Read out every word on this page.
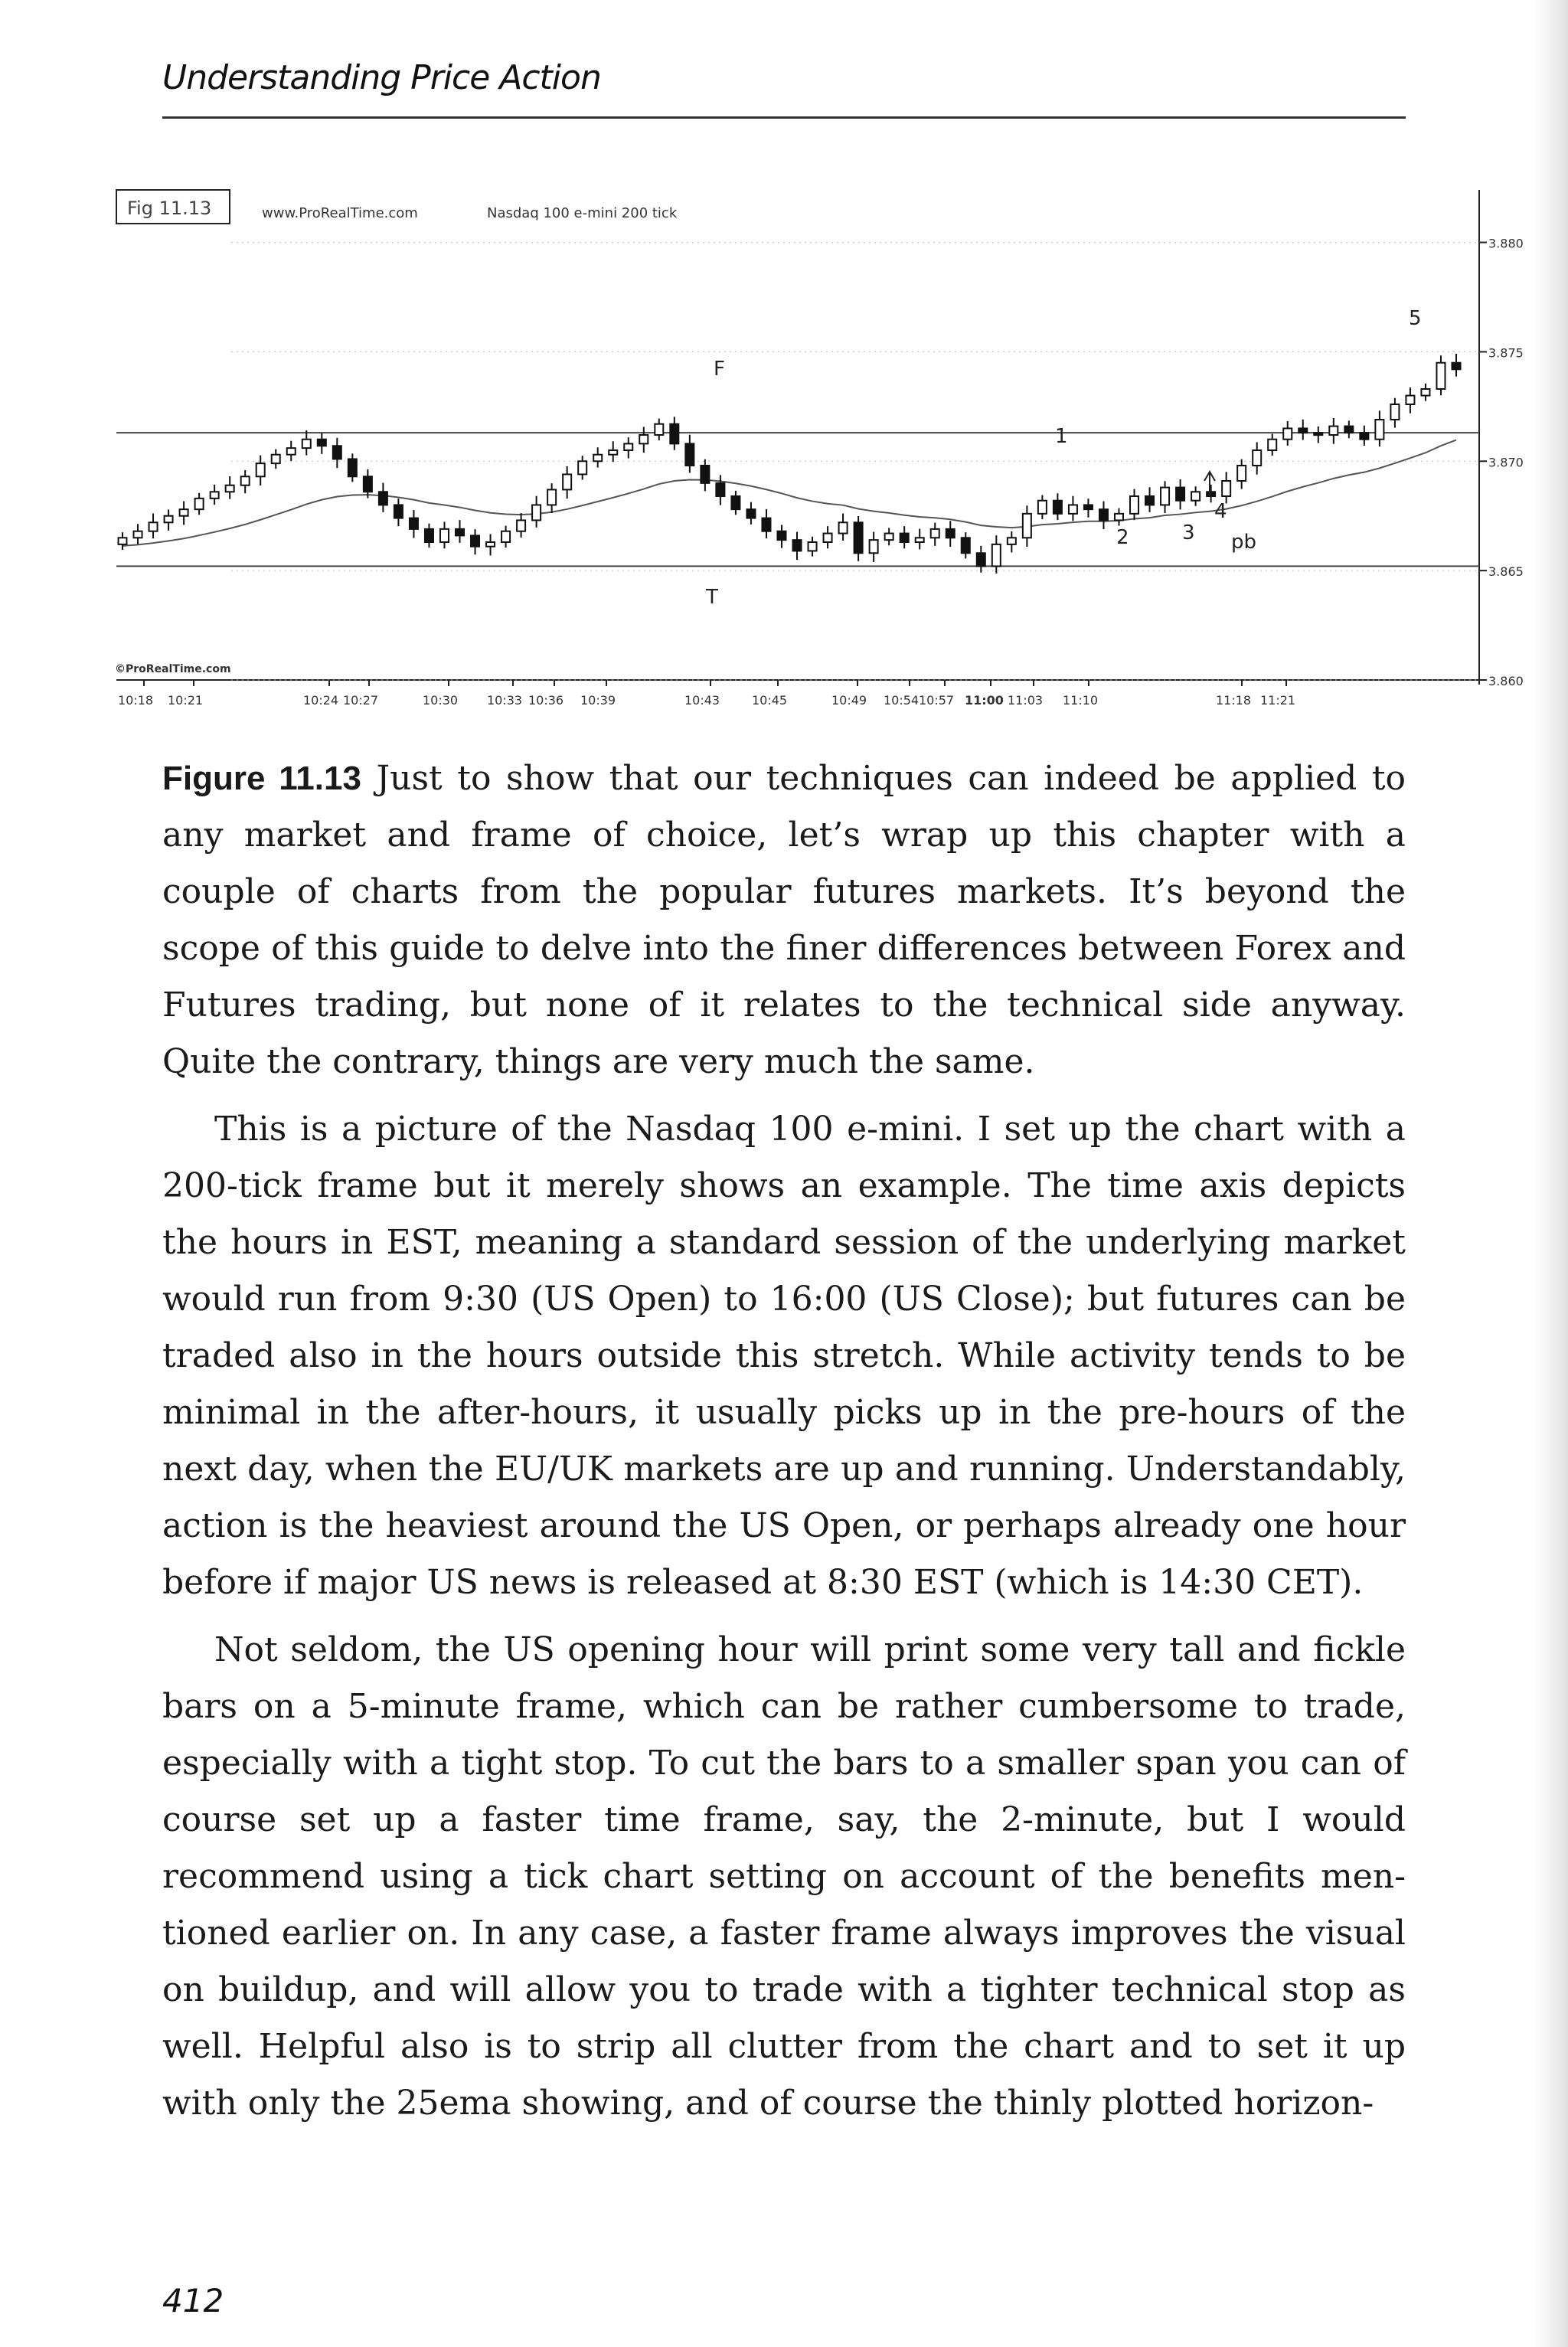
Understanding Price Action
F
T
1
2	3
4
5
pb
3.880
3.875
3.870
3.865
3.860
10:18 10:21	10:24 10:27	10:30 10:33 10:36 10:39	10:43	10:45	10:49 10:54 10:57 11:00 11:03 11:10	11:18 11:21
Fig 11.13	www.ProRealTime.com	Nasdaq 100 e-mini 200 tick
©ProRealTime.com

Figure 11.13 Just to show that our techniques can indeed be applied to any market and frame of choice, let’s wrap up this chapter with a couple of charts from the popular futures markets. It’s beyond the scope of this guide to delve into the finer differences between Forex and Futures trading, but none of it relates to the technical side anyway. Quite the contrary, things are very much the same.

This is a picture of the Nasdaq 100 e-mini. I set up the chart with a 200-tick frame but it merely shows an example. The time axis depicts the hours in EST, meaning a standard session of the underlying market would run from 9:30 (US Open) to 16:00 (US Close); but futures can be traded also in the hours outside this stretch. While activity tends to be minimal in the after-hours, it usually picks up in the pre-hours of the next day, when the EU/UK markets are up and running. Understandably, action is the heaviest around the US Open, or perhaps already one hour before if major US news is released at 8:30 EST (which is 14:30 CET).

Not seldom, the US opening hour will print some very tall and fickle bars on a 5-minute frame, which can be rather cumbersome to trade, especially with a tight stop. To cut the bars to a smaller span you can of course set up a faster time frame, say, the 2-minute, but I would recommend using a tick chart setting on account of the benefits mentioned earlier on. In any case, a faster frame always improves the visual on buildup, and will allow you to trade with a tighter technical stop as well. Helpful also is to strip all clutter from the chart and to set it up with only the 25ema showing, and of course the thinly plotted horizon-

412
